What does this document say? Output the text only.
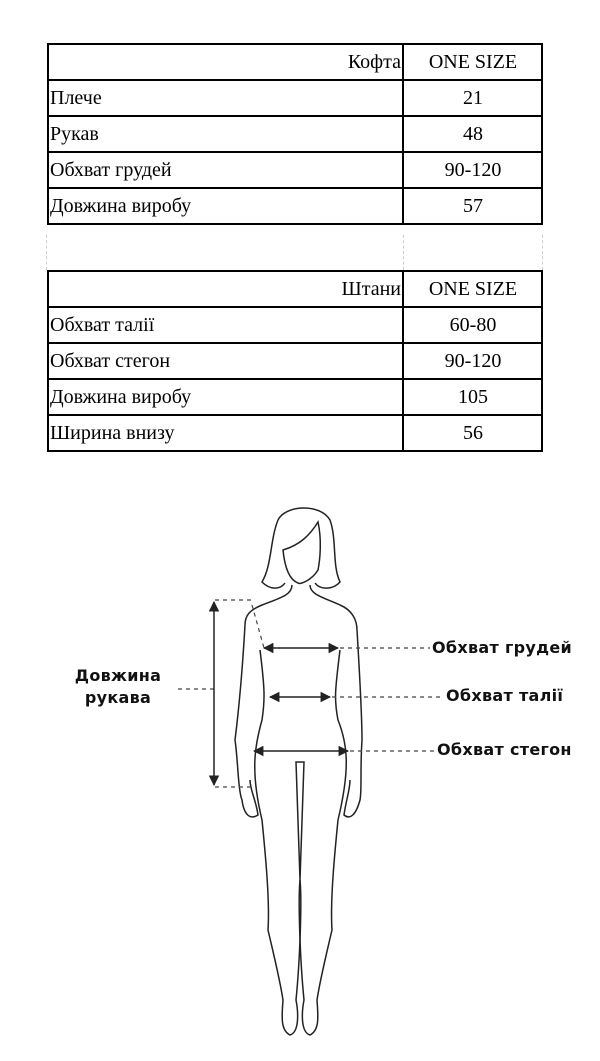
Кофта	ONE SIZE
Плече	21
Рукав	48
Обхват грудей	90-120
Довжина виробу	57
Штани	ONE SIZE
Обхват талії	60-80
Обхват стегон	90-120
Довжина виробу	105
Ширина внизу	56
Довжина
рукава
Обхват грудей
Обхват талії
Обхват стегон
